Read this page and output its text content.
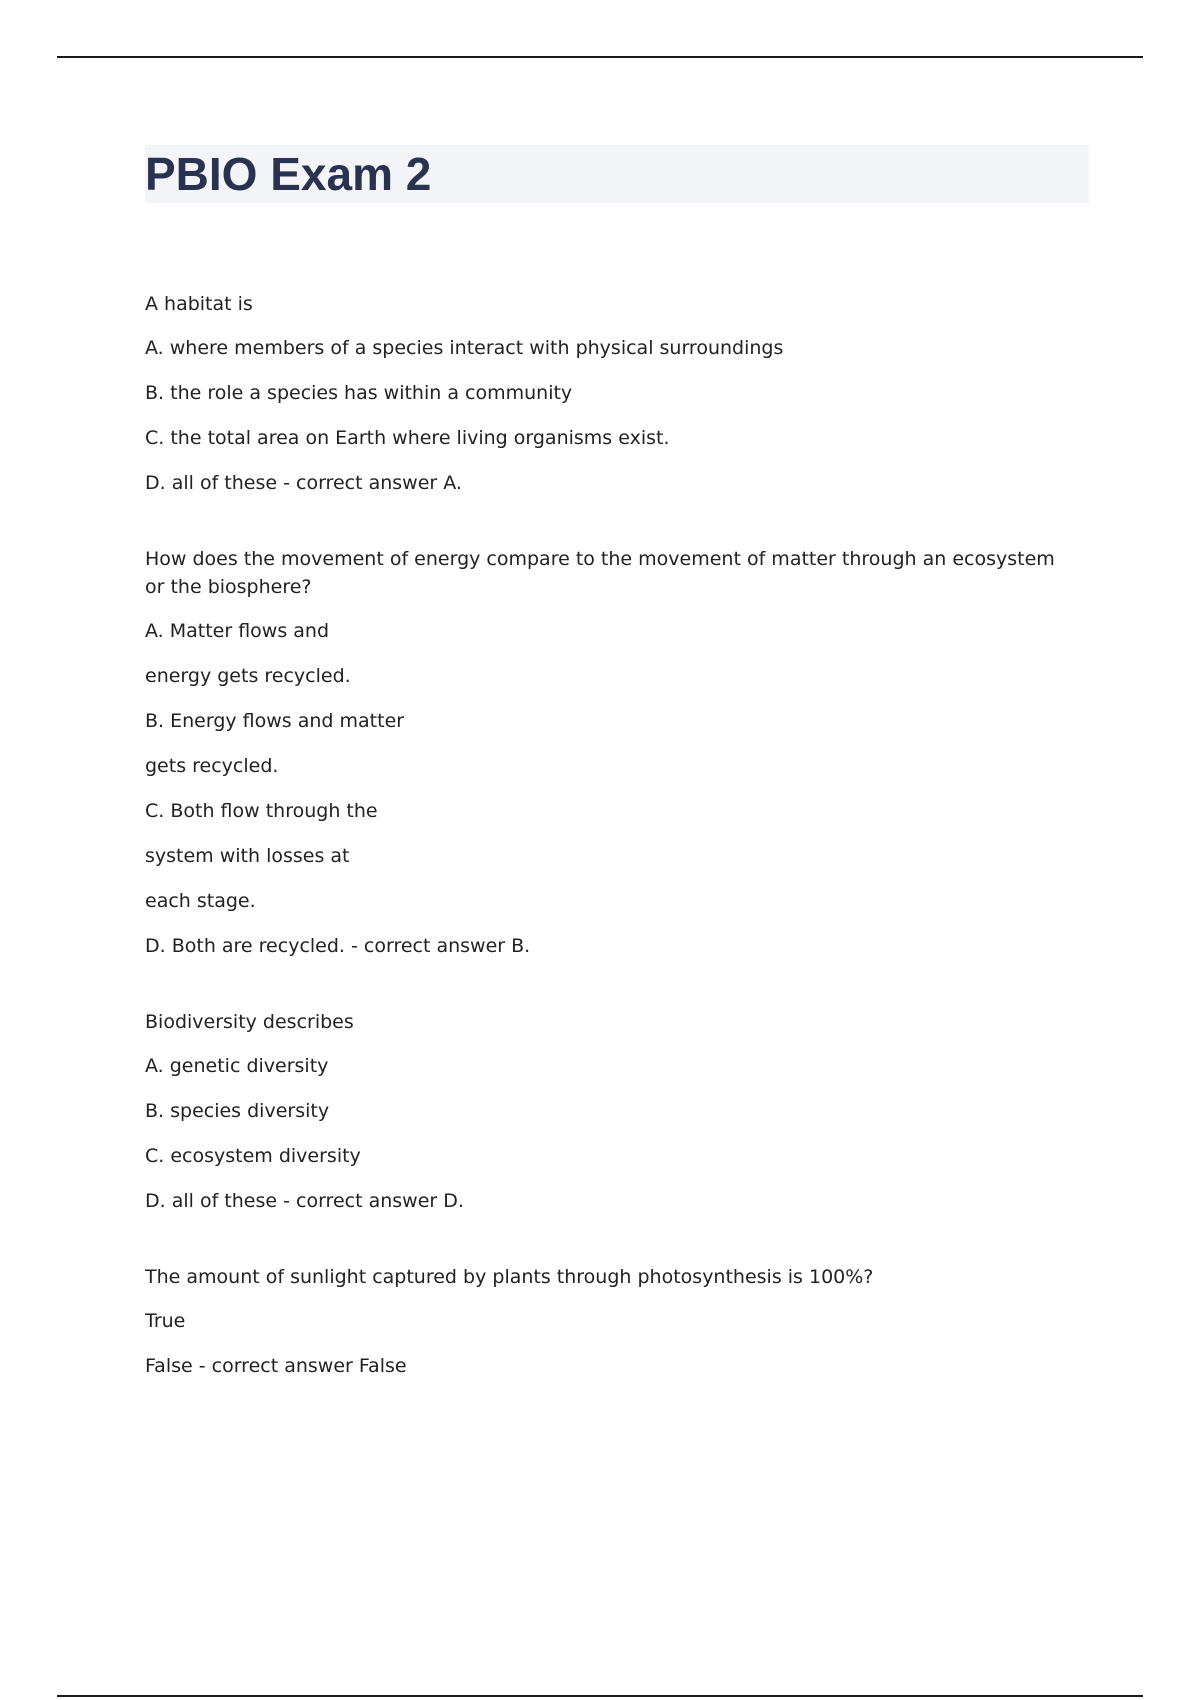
PBIO Exam 2
A habitat is
A. where members of a species interact with physical surroundings
B. the role a species has within a community
C. the total area on Earth where living organisms exist.
D. all of these - correct answer A.
How does the movement of energy compare to the movement of matter through an ecosystem or the biosphere?
A. Matter flows and
energy gets recycled.
B. Energy flows and matter
gets recycled.
C. Both flow through the
system with losses at
each stage.
D. Both are recycled. - correct answer B.
Biodiversity describes
A. genetic diversity
B. species diversity
C. ecosystem diversity
D. all of these - correct answer D.
The amount of sunlight captured by plants through photosynthesis is 100%?
True
False - correct answer False
